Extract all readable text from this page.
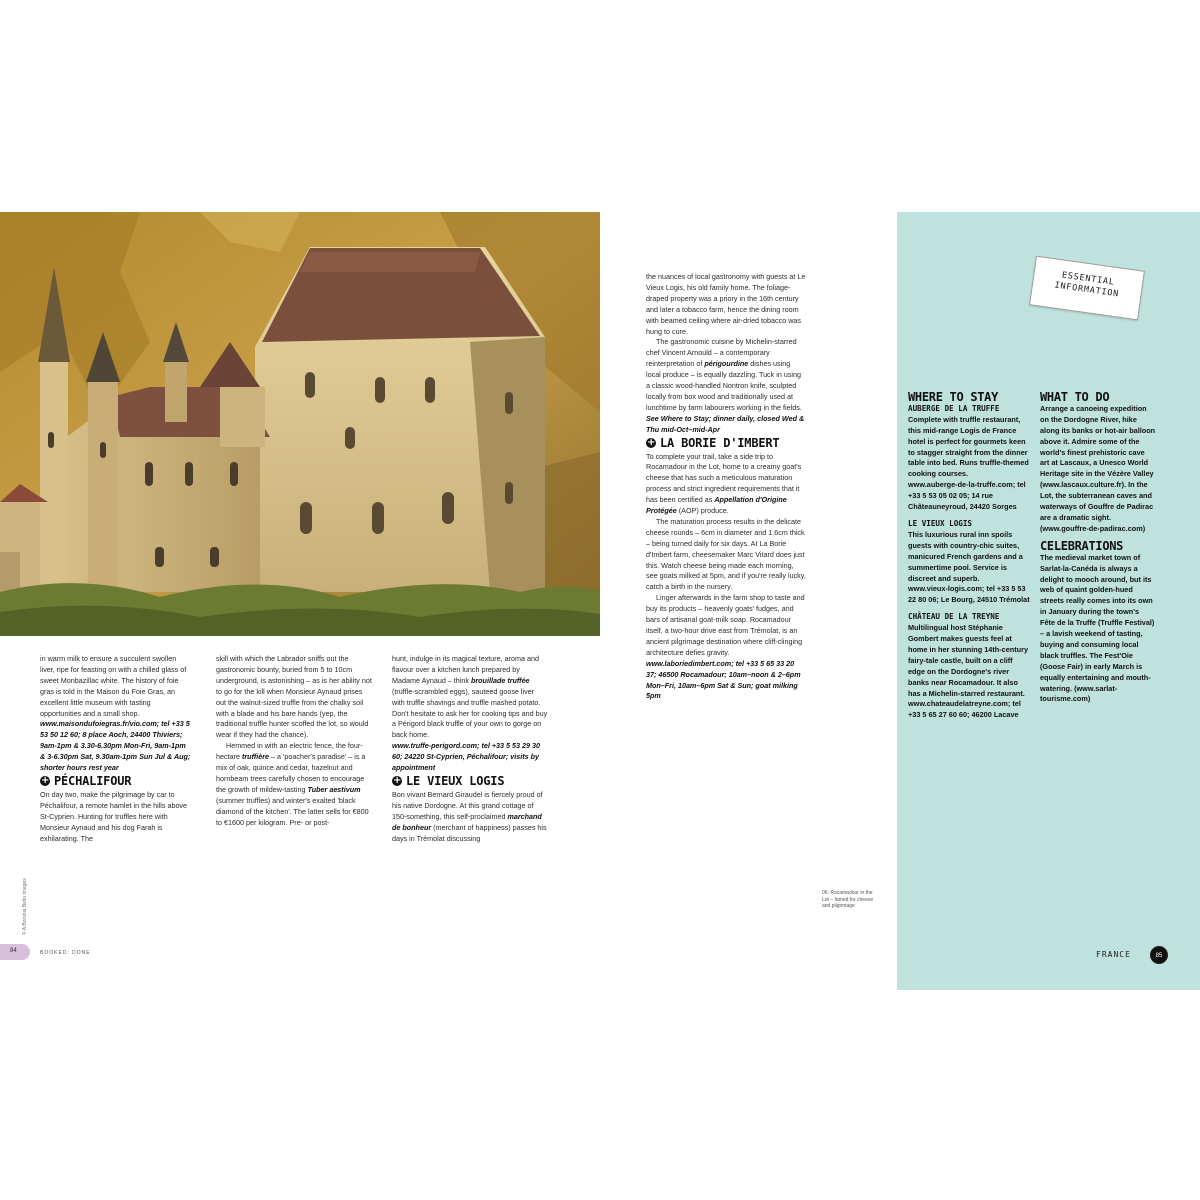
in warm milk to ensure a succulent swollen liver, ripe for feasting on with a chilled glass of sweet Monbazillac white. The history of foie gras is told in the Maison du Foie Gras, an excellent little museum with tasting opportunities and a small shop.

www.maisondufoiegras.fr/vio.com; tel +33 5 53 50 12 60; 8 place Aoch, 24400 Thiviers; 9am-1pm & 3.30-6.30pm Mon-Fri, 9am-1pm & 3-6.30pm Sat, 9.30am-1pm Sun Jul & Aug; shorter hours rest year

+
PÉCHALIFOUR

On day two, make the pilgrimage by car to Péchalifour, a remote hamlet in the hills above St-Cyprien. Hunting for truffles here with Monsieur Aynaud and his dog Farah is exhilarating. The

skill with which the Labrador sniffs out the gastronomic bounty, buried from 5 to 10cm underground, is astonishing – as is her ability not to go for the kill when Monsieur Aynaud prises out the walnut-sized truffle from the chalky soil with a blade and his bare hands (yep, the traditional truffle hunter scoffed the lot, so would wear if they had the chance).

Hemmed in with an electric fence, the four-hectare truffière – a 'poacher's paradise' – is a mix of oak, quince and cedar, hazelnut and hornbeam trees carefully chosen to encourage the growth of mildew-tasting Tuber aestivum (summer truffles) and winter's exalted 'black diamond of the kitchen'. The latter sells for €800 to €1600 per kilogram. Pre- or post-

hunt, indulge in its magical texture, aroma and flavour over a kitchen lunch prepared by Madame Aynaud – think brouillade truffée (truffle-scrambled eggs), sauteed goose liver with truffle shavings and truffle mashed potato. Don't hesitate to ask her for cooking tips and buy a Périgord black truffle of your own to gorge on back home.

www.truffe-perigord.com; tel +33 5 53 29 30 60; 24220 St-Cyprien, Péchalifour; visits by appointment

+
LE VIEUX LOGIS

Bon vivant Bernard Giraudel is fiercely proud of his native Dordogne. At this grand cottage of 150-something, this self-proclaimed marchand de bonheur (merchant of happiness) passes his days in Trémolat discussing

© A Borobia Bello Images
84	BOOKED: DONE

the nuances of local gastronomy with guests at Le Vieux Logis, his old family home. The foliage-draped property was a priory in the 16th century and later a tobacco farm, hence the dining room with beamed ceiling where air-dried tobacco was hung to cure.

The gastronomic cuisine by Michelin-starred chef Vincent Arnould – a contemporary reinterpretation of périgourdine dishes using local produce – is equally dazzling. Tuck in using a classic wood-handled Nontron knife, sculpted locally from box wood and traditionally used at lunchtime by farm labourers working in the fields. See Where to Stay; dinner daily, closed Wed & Thu mid-Oct–mid-Apr

+
LA BORIE D'IMBERT

To complete your trail, take a side trip to Rocamadour in the Lot, home to a creamy goat's cheese that has such a meticulous maturation process and strict ingredient requirements that it has been certified as Appellation d'Origine Protégée (AOP) produce.

The maturation process results in the delicate cheese rounds – 6cm in diameter and 1.6cm thick – being turned daily for six days. At La Borie d'Imbert farm, cheesemaker Marc Vitard does just this. Watch cheese being made each morning, see goats milked at 5pm, and if you're really lucky, catch a birth in the nursery.

Linger afterwards in the farm shop to taste and buy its products – heavenly goats' fudges, and bars of artisanal goat-milk soap. Rocamadour itself, a two-hour drive east from Trémolat, is an ancient pilgrimage destination where cliff-clinging architecture defies gravity.

www.laboriedimbert.com; tel +33 5 65 33 20 37; 46500 Rocamadour; 10am–noon & 2–6pm Mon–Fri, 10am–6pm Sat & Sun; goat milking 5pm

06: Rocamadour in the Lot – famed for cheese and pilgrimage
ESSENTIAL INFORMATION

WHERE TO STAY

AUBERGE DE LA TRUFFE

Complete with truffle restaurant, this mid-range Logis de France hotel is perfect for gourmets keen to stagger straight from the dinner table into bed. Runs truffle-themed cooking courses.

www.auberge-de-la-truffe.com; tel +33 5 53 05 02 05; 14 rue Châteauneyroud, 24420 Sorges

LE VIEUX LOGIS

This luxurious rural inn spoils guests with country-chic suites, manicured French gardens and a summertime pool. Service is discreet and superb.

www.vieux-logis.com; tel +33 5 53 22 80 06; Le Bourg, 24510 Trémolat

CHÂTEAU DE LA TREYNE

Multilingual host Stéphanie Gombert makes guests feel at home in her stunning 14th-century fairy-tale castle, built on a cliff edge on the Dordogne's river banks near Rocamadour. It also has a Michelin-starred restaurant.

www.chateaudelatreyne.com; tel +33 5 65 27 60 60; 46200 Lacave

WHAT TO DO

Arrange a canoeing expedition on the Dordogne River, hike along its banks or hot-air balloon above it. Admire some of the world's finest prehistoric cave art at Lascaux, a Unesco World Heritage site in the Vézère Valley (www.lascaux.culture.fr). In the Lot, the subterranean caves and waterways of Gouffre de Padirac are a dramatic sight. (www.gouffre-de-padirac.com)

CELEBRATIONS

The medieval market town of Sarlat-la-Canéda is always a delight to mooch around, but its web of quaint golden-hued streets really comes into its own in January during the town's Fête de la Truffe (Truffle Festival) – a lavish weekend of tasting, buying and consuming local black truffles. The Fest'Oie (Goose Fair) in early March is equally entertaining and mouth-watering. (www.sarlat-tourisme.com)

FRANCE	85
